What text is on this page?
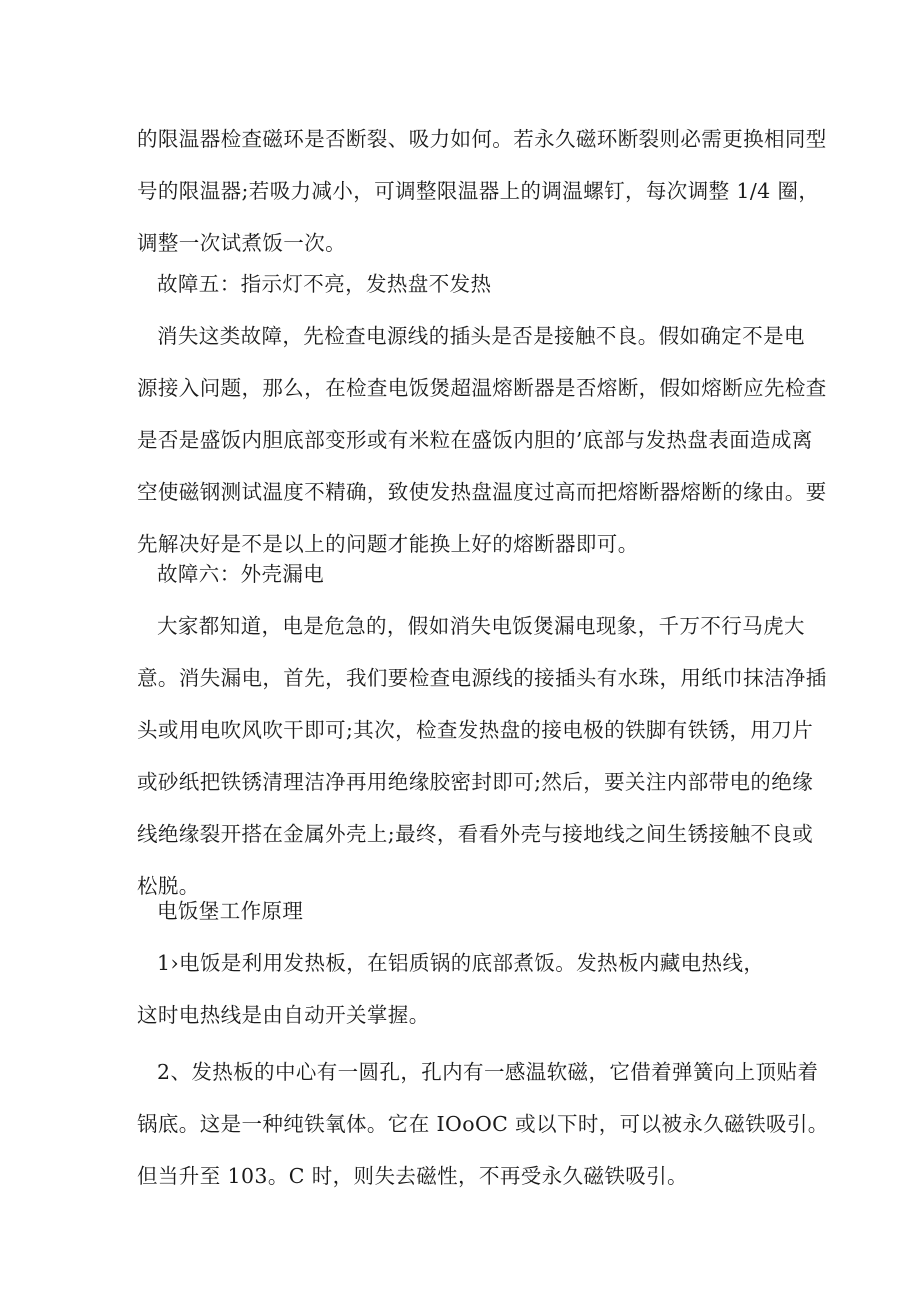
的限温器检查磁环是否断裂、吸力如何。若永久磁环断裂则必需更换相同型
号的限温器;若吸力减小，可调整限温器上的调温螺钉，每次调整 1/4 圈，
调整一次试煮饭一次。
故障五：指示灯不亮，发热盘不发热
消失这类故障，先检查电源线的插头是否是接触不良。假如确定不是电
源接入问题，那么，在检查电饭煲超温熔断器是否熔断，假如熔断应先检查
是否是盛饭内胆底部变形或有米粒在盛饭内胆的’底部与发热盘表面造成离
空使磁钢测试温度不精确，致使发热盘温度过高而把熔断器熔断的缘由。要
先解决好是不是以上的问题才能换上好的熔断器即可。
故障六：外壳漏电
大家都知道，电是危急的，假如消失电饭煲漏电现象，千万不行马虎大
意。消失漏电，首先，我们要检查电源线的接插头有水珠，用纸巾抹洁净插
头或用电吹风吹干即可;其次，检查发热盘的接电极的铁脚有铁锈，用刀片
或砂纸把铁锈清理洁净再用绝缘胶密封即可;然后，要关注内部带电的绝缘
线绝缘裂开搭在金属外壳上;最终，看看外壳与接地线之间生锈接触不良或
松脱。
电饭堡工作原理
1›电饭是利用发热板，在铝质锅的底部煮饭。发热板内藏电热线，
这时电热线是由自动开关掌握。
2、发热板的中心有一圆孔，孔内有一感温软磁，它借着弹簧向上顶贴着
锅底。这是一种纯铁氧体。它在 IOoOC 或以下时，可以被永久磁铁吸引。
但当升至 103。C 时，则失去磁性，不再受永久磁铁吸引。
